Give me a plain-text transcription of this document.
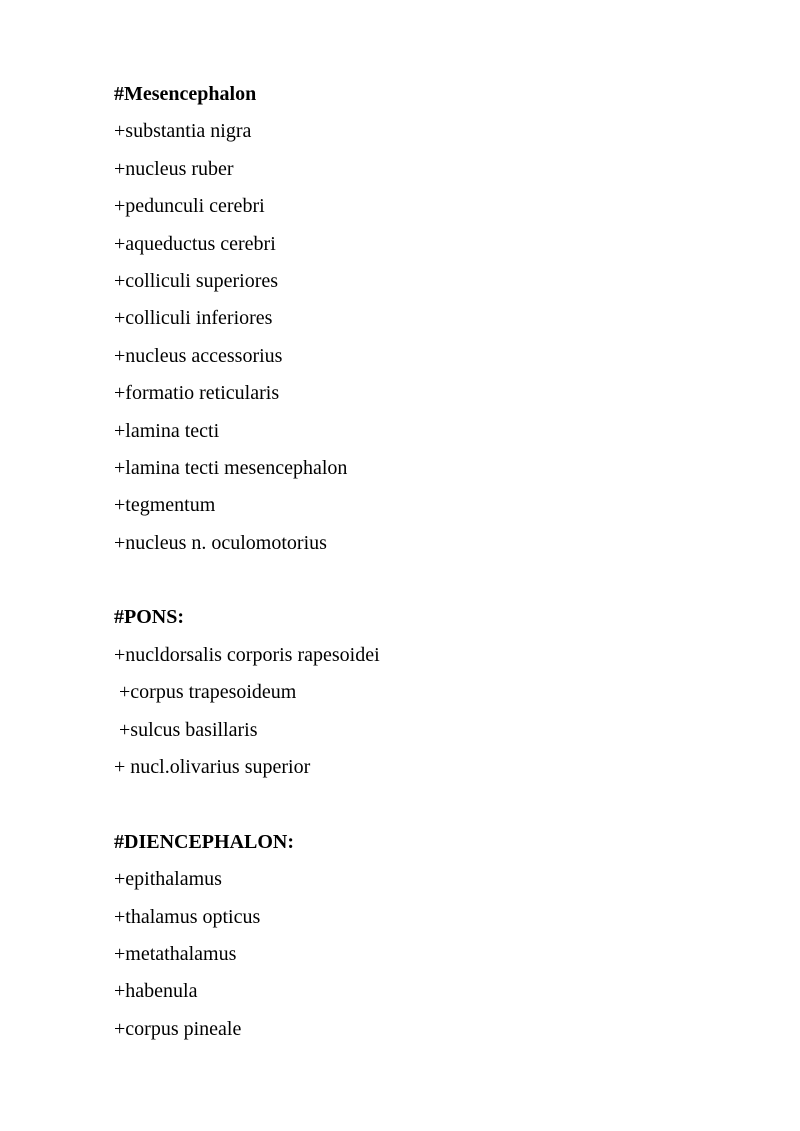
#Mesencephalon
+substantia nigra
+nucleus ruber
+pedunculi cerebri
+aqueductus cerebri
+colliculi superiores
+colliculi inferiores
+nucleus accessorius
+formatio reticularis
+lamina tecti
+lamina tecti mesencephalon
+tegmentum
+nucleus n. oculomotorius
#PONS:
+nucldorsalis corporis rapesoidei
+corpus trapesoideum
+sulcus basillaris
+ nucl.olivarius superior
#DIENCEPHALON:
+epithalamus
+thalamus opticus
+metathalamus
+habenula
+corpus pineale
